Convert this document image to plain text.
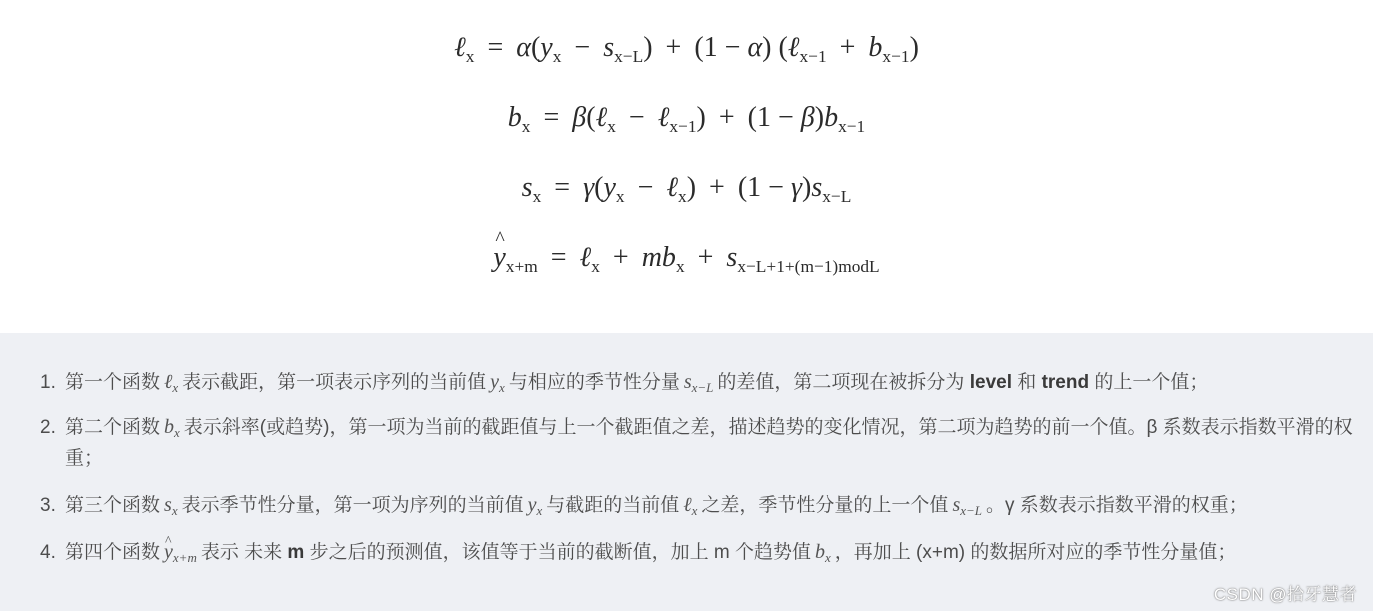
ℓ$_x$ = $\alpha(y_x - s_{x-L}) + (1 - \alpha)$ (ℓ$_{x-1}$ + $b_{x-1}$)
$b_x$ = β(ℓ$_x$ − ℓ$_{x-1}$) + $(1 - \beta)b_{x-1}$
$s_x = \gamma(y_x$ − ℓ$_x$) + $(1 - \gamma)s_{x-L}$
^ $y_{x+m}$ = ℓ$_x$ + $mb_x + s_{x-L+1+(m-1)modL}$
1. 第一个函数 ℓ$_x$ 表示截距，第一项表示序列的当前值 $y_x$ 与相应的季节性分量 $s_{x-L}$ 的差值，第二项现在被拆分为 level 和 trend 的上一个值；
2. 第二个函数 $b_x$ 表示斜率(或趋势)，第一项为当前的截距值与上一个截距值之差，描述趋势的变化情况，第二项为趋势的前一个值。β 系数表示指数平滑的权重；
3. 第三个函数 $s_x$ 表示季节性分量，第一项为序列的当前值 $y_x$ 与截距的当前值 ℓ$_x$ 之差，季节性分量的上一个值 $s_{x-L}$ 。γ 系数表示指数平滑的权重；
4. 第四个函数^ $y_{x+m}$ 表示 未来 m 步之后的预测值，该值等于当前的截断值，加上 m 个趋势值 $b_x$ ，再加上 (x+m) 的数据所对应的季节性分量值；
CSDN @拾牙慧者
